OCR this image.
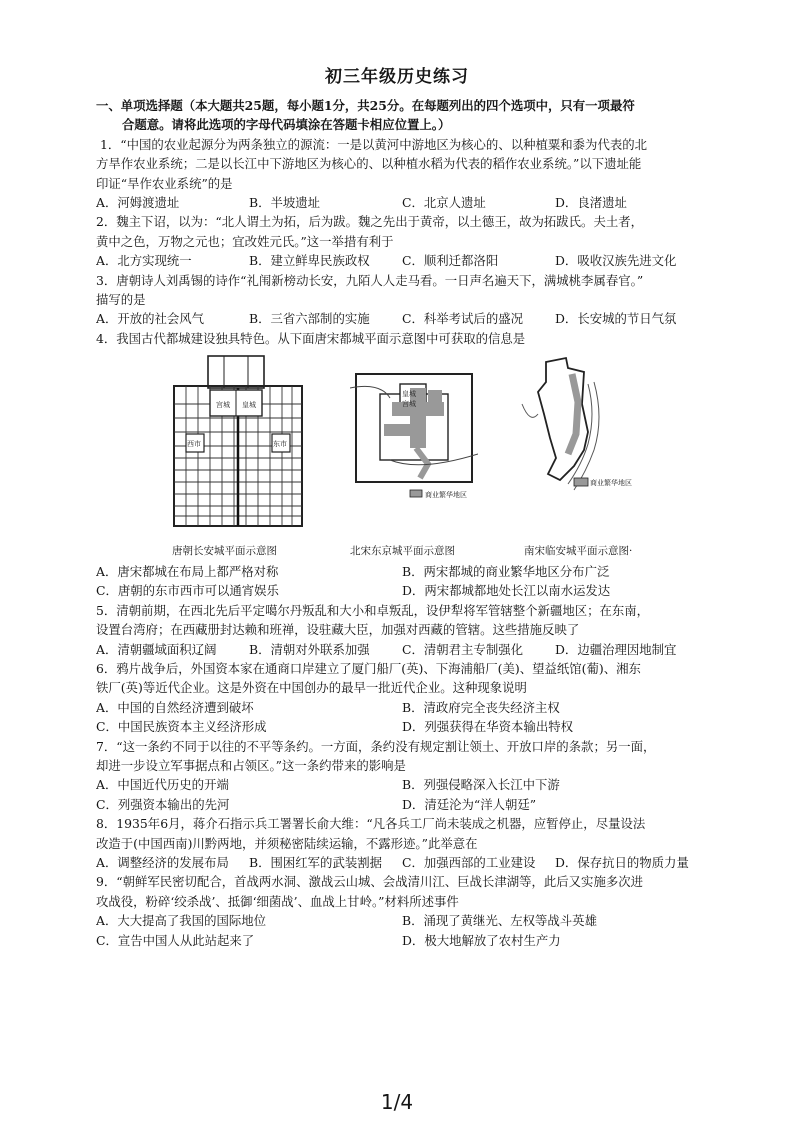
初三年级历史练习
一、单项选择题（本大题共25题，每小题1分，共25分。在每题列出的四个选项中，只有一项最符
合题意。请将此选项的字母代码填涂在答题卡相应位置上。）
1．“中国的农业起源分为两条独立的源流：一是以黄河中游地区为核心的、以种植粟和黍为代表的北
方旱作农业系统；二是以长江中下游地区为核心的、以种植水稻为代表的稻作农业系统。”以下遗址能
印证“旱作农业系统”的是
A．河姆渡遗址	B．半坡遗址	C．北京人遗址	D．良渚遗址
2．魏主下诏，以为：“北人谓土为拓，后为跋。魏之先出于黄帝，以土德王，故为拓跋氏。夫土者，
黄中之色，万物之元也；宜改姓元氏。”这一举措有利于
A．北方实现统一	B．建立鲜卑民族政权	C．顺利迁都洛阳	D．吸收汉族先进文化
3．唐朝诗人刘禹锡的诗作“礼闱新榜动长安，九陌人人走马看。一日声名遍天下，满城桃李属春官。”
描写的是
A．开放的社会风气	B．三省六部制的实施	C．科举考试后的盛况	D．长安城的节日气氛
4．我国古代都城建设独具特色。从下面唐宋都城平面示意图中可获取的信息是
宫城 皇城
西市	东市
皇城
宫城
商业繁华地区
商业繁华地区
唐朝长安城平面示意图	北宋东京城平面示意图	南宋临安城平面示意图·
A．唐宋都城在布局上都严格对称	B．两宋都城的商业繁华地区分布广泛
C．唐朝的东市西市可以通宵娱乐	D．两宋都城都地处长江以南水运发达
5．清朝前期，在西北先后平定噶尔丹叛乱和大小和卓叛乱，设伊犁将军管辖整个新疆地区；在东南，
设置台湾府；在西藏册封达赖和班禅，设驻藏大臣，加强对西藏的管辖。这些措施反映了
A．清朝疆域面积辽阔	B．清朝对外联系加强	C．清朝君主专制强化	D．边疆治理因地制宜
6．鸦片战争后，外国资本家在通商口岸建立了厦门船厂(英)、下海浦船厂(美)、望益纸馆(葡)、湘东
铁厂(英)等近代企业。这是外资在中国创办的最早一批近代企业。这种现象说明
A．中国的自然经济遭到破坏	B．清政府完全丧失经济主权
C．中国民族资本主义经济形成	D．列强获得在华资本输出特权
7．“这一条约不同于以往的不平等条约。一方面，条约没有规定割让领土、开放口岸的条款；另一面，
却进一步设立军事据点和占领区。”这一条约带来的影响是
A．中国近代历史的开端	B．列强侵略深入长江中下游
C．列强资本输出的先河	D．清廷沦为“洋人朝廷”
8．1935年6月，蒋介石指示兵工署署长俞大维：“凡各兵工厂尚未装成之机器，应暂停止，尽量设法
改造于(中国西南)川黔两地，并须秘密陆续运输，不露形迹。”此举意在
A．调整经济的发展布局	B．围困红军的武装割据	C．加强西部的工业建设	D．保存抗日的物质力量
9．“朝鲜军民密切配合，首战两水洞、激战云山城、会战清川江、巨战长津湖等，此后又实施多次进
攻战役，粉碎‘绞杀战’、抵御‘细菌战’、血战上甘岭。”材料所述事件
A．大大提高了我国的国际地位	B．涌现了黄继光、左权等战斗英雄
C．宣告中国人从此站起来了	D．极大地解放了农村生产力
1/4
